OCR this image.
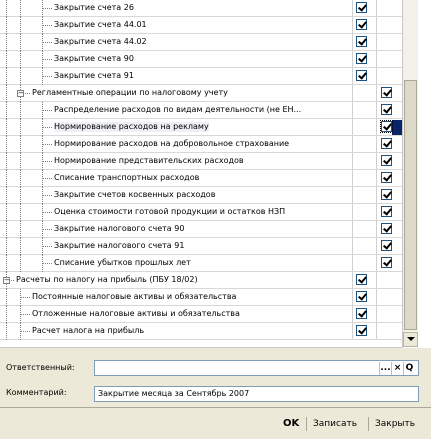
Закрытие счета 26
Закрытие счета 44.01
Закрытие счета 44.02
Закрытие счета 90
Закрытие счета 91
− Регламентные операции по налоговому учету
Распределение расходов по видам деятельности (не ЕН...
Нормирование расходов на рекламу
Нормирование расходов на добровольное страхование
Нормирование представительских расходов
Списание транспортных расходов
Закрытие счетов косвенных расходов
Оценка стоимости готовой продукции и остатков НЗП
Закрытие налогового счета 90
Закрытие налогового счета 91
Списание убытков прошлых лет
− Расчеты по налогу на прибыль (ПБУ 18/02)
Постоянные налоговые активы и обязательства
Отложенные налоговые активы и обязательства
Расчет налога на прибыль
Ответственный:	... × Q
Комментарий:	Закрытие месяца за Сентябрь 2007
OK Записать Закрыть
